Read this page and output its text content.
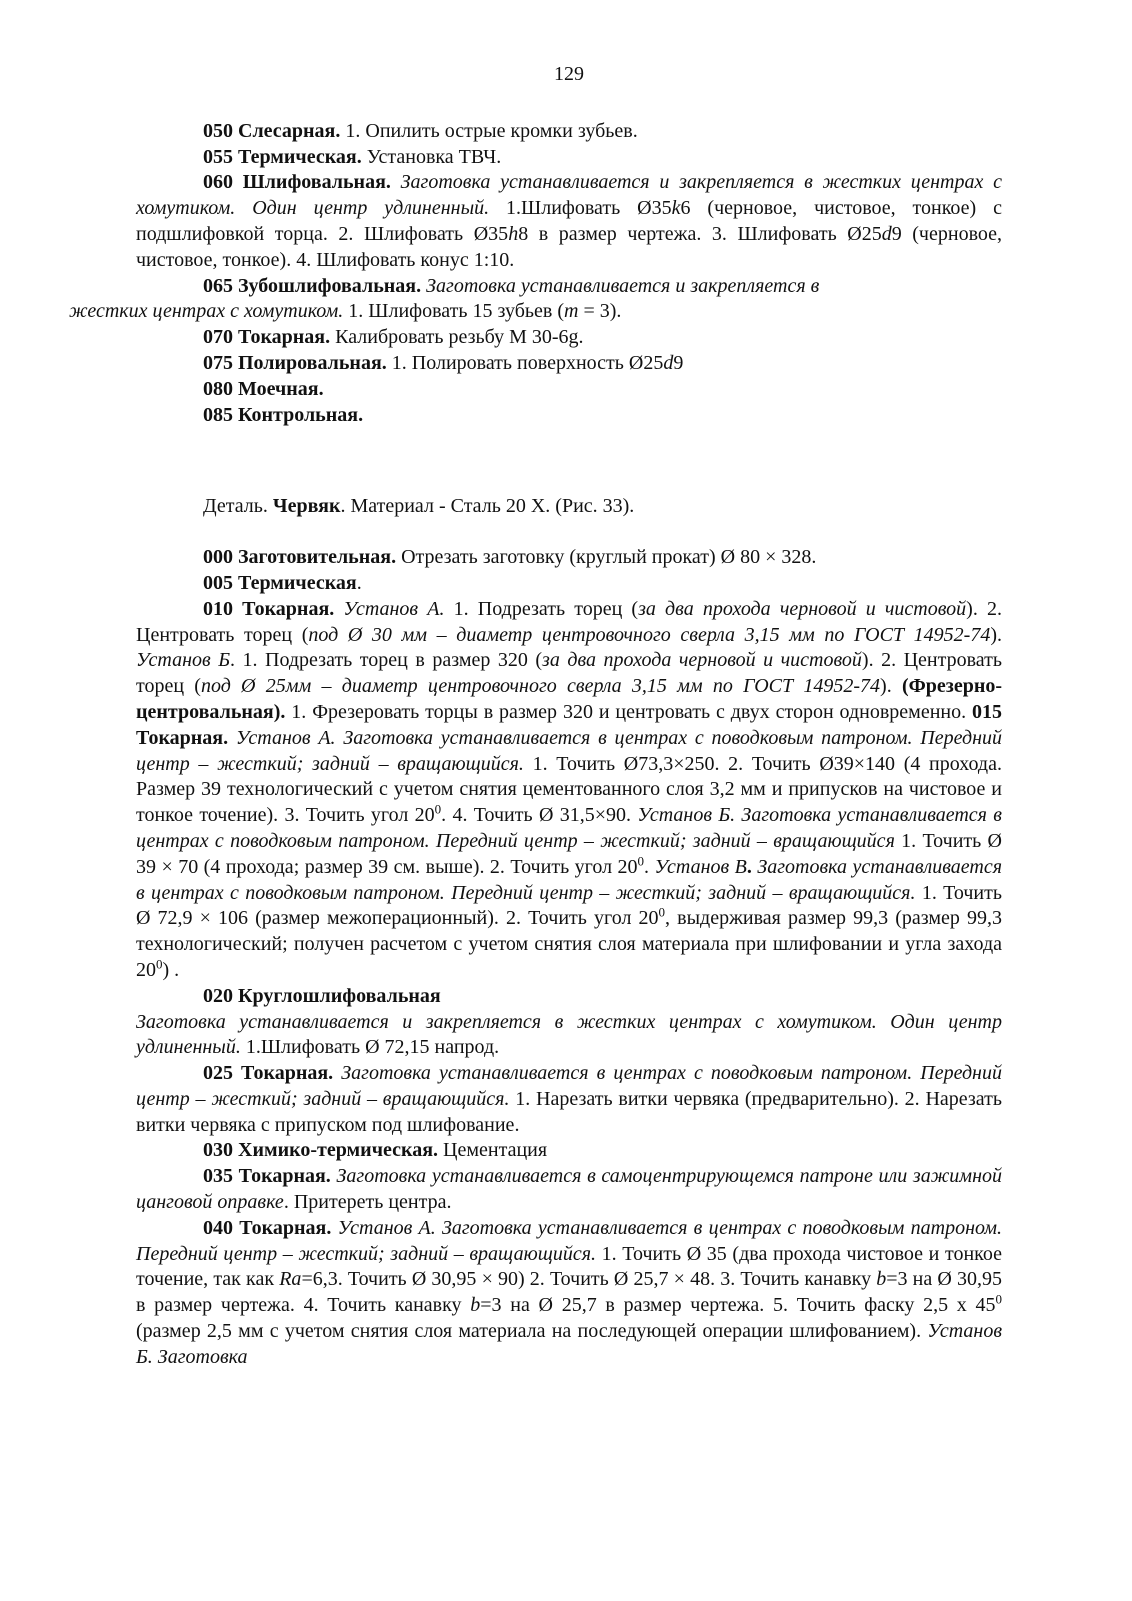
129

050 Слесарная. 1. Опилить острые кромки зубьев.

055 Термическая. Установка ТВЧ.

060 Шлифовальная. Заготовка устанавливается и закрепляется в жестких центрах с хомутиком. Один центр удлиненный. 1.Шлифовать Ø35k6 (черновое, чистовое, тонкое) с подшлифовкой торца. 2. Шлифовать Ø35h8 в размер чертежа. 3. Шлифовать Ø25d9 (черновое, чистовое, тонкое). 4. Шлифовать конус 1:10.

065 Зубошлифовальная. Заготовка устанавливается и закрепляется в
жестких центрах с хомутиком. 1. Шлифовать 15 зубьев (m = 3).

070 Токарная. Калибровать резьбу М 30-6g.

075 Полировальная. 1. Полировать поверхность Ø25d9

080 Моечная.

085 Контрольная.

Деталь. Червяк. Материал - Сталь 20 Х. (Рис. 33).

000 Заготовительная. Отрезать заготовку (круглый прокат) Ø 80 × 328.

005 Термическая.

010 Токарная. Установ А. 1. Подрезать торец (за два прохода черновой и чистовой). 2. Центровать торец (под Ø 30 мм – диаметр центровочного сверла 3,15 мм по ГОСТ 14952-74). Установ Б. 1. Подрезать торец в размер 320 (за два прохода черновой и чистовой). 2. Центровать торец (под Ø 25мм – диаметр центровочного сверла 3,15 мм по ГОСТ 14952-74). (Фрезерно-центровальная). 1. Фрезеровать торцы в размер 320 и центровать с двух сторон одновременно. 015 Токарная. Установ А. Заготовка устанавливается в центрах с поводковым патроном. Передний центр – жесткий; задний – вращающийся. 1. Точить Ø73,3×250. 2. Точить Ø39×140 (4 прохода. Размер 39 технологический с учетом снятия цементованного слоя 3,2 мм и припусков на чистовое и тонкое точение). 3. Точить угол $20^0$. 4. Точить Ø 31,5×90. Установ Б. Заготовка устанавливается в центрах с поводковым патроном. Передний центр – жесткий; задний – вращающийся 1. Точить Ø 39 × 70 (4 прохода; размер 39 см. выше). 2. Точить угол $20^0$. Установ В. Заготовка устанавливается в центрах с поводковым патроном. Передний центр – жесткий; задний – вращающийся. 1. Точить Ø 72,9 × 106 (размер межоперационный). 2. Точить угол $20^0$, выдерживая размер 99,3 (размер 99,3 технологический; получен расчетом с учетом снятия слоя материала при шлифовании и угла захода $20^0$) .

020 Круглошлифовальная

Заготовка устанавливается и закрепляется в жестких центрах с хомутиком. Один центр удлиненный. 1.Шлифовать Ø 72,15 напрод.

025 Токарная. Заготовка устанавливается в центрах с поводковым патроном. Передний центр – жесткий; задний – вращающийся. 1. Нарезать витки червяка (предварительно). 2. Нарезать витки червяка с припуском под шлифование.

030 Химико-термическая. Цементация

035 Токарная. Заготовка устанавливается в самоцентрирующемся патроне или зажимной цанговой оправке. Притереть центра.

040 Токарная. Установ А. Заготовка устанавливается в центрах с поводковым патроном. Передний центр – жесткий; задний – вращающийся. 1. Точить Ø 35 (два прохода чистовое и тонкое точение, так как Ra=6,3. Точить Ø 30,95 × 90) 2. Точить Ø 25,7 × 48. 3. Точить канавку b=3 на Ø 30,95 в размер чертежа. 4. Точить канавку b=3 на Ø 25,7 в размер чертежа. 5. Точить фаску 2,5 х $45^0$ (размер 2,5 мм с учетом снятия слоя материала на последующей операции шлифованием). Установ Б. Заготовка
